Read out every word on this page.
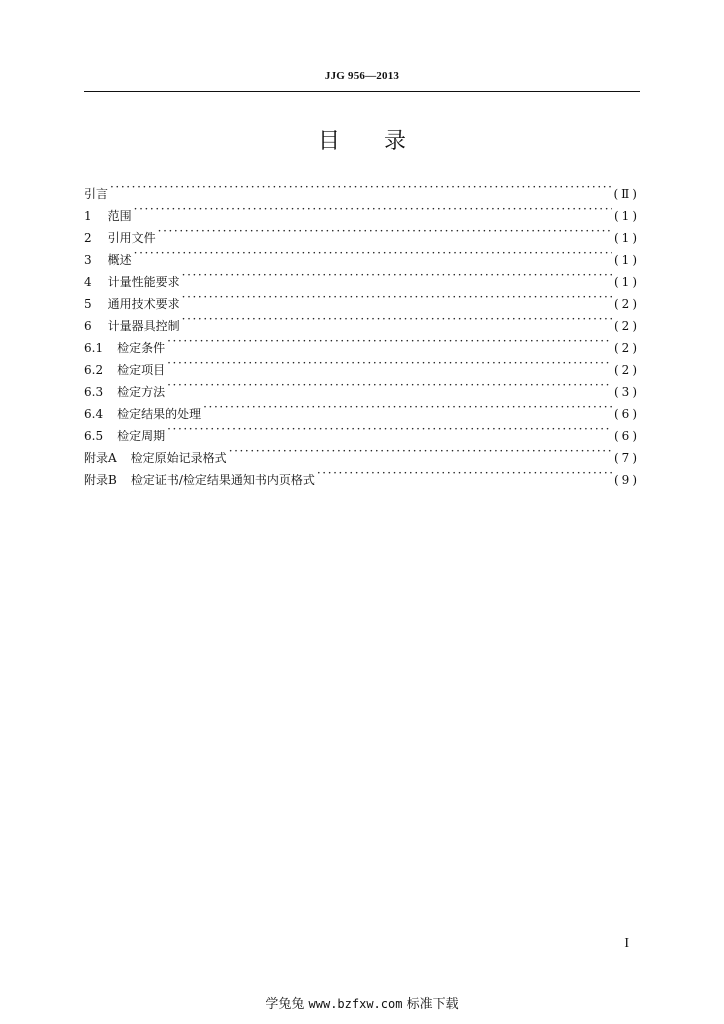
JJG 956—2013
目录
引言 ·····	(Ⅱ)
1 范围 ·····	(1)
2 引用文件 ·····	(1)
3 概述 ·····	(1)
4 计量性能要求 ·····	(1)
5 通用技术要求 ·····	(2)
6 计量器具控制 ·····	(2)
6.1 检定条件 ·····	(2)
6.2 检定项目 ·····	(2)
6.3 检定方法 ·····	(3)
6.4 检定结果的处理 ·····	(6)
6.5 检定周期 ·····	(6)
附录A 检定原始记录格式 ·····	(7)
附录B 检定证书/检定结果通知书内页格式 ·····	(9)
I
学兔兔 www.bzfxw.com 标准下载
